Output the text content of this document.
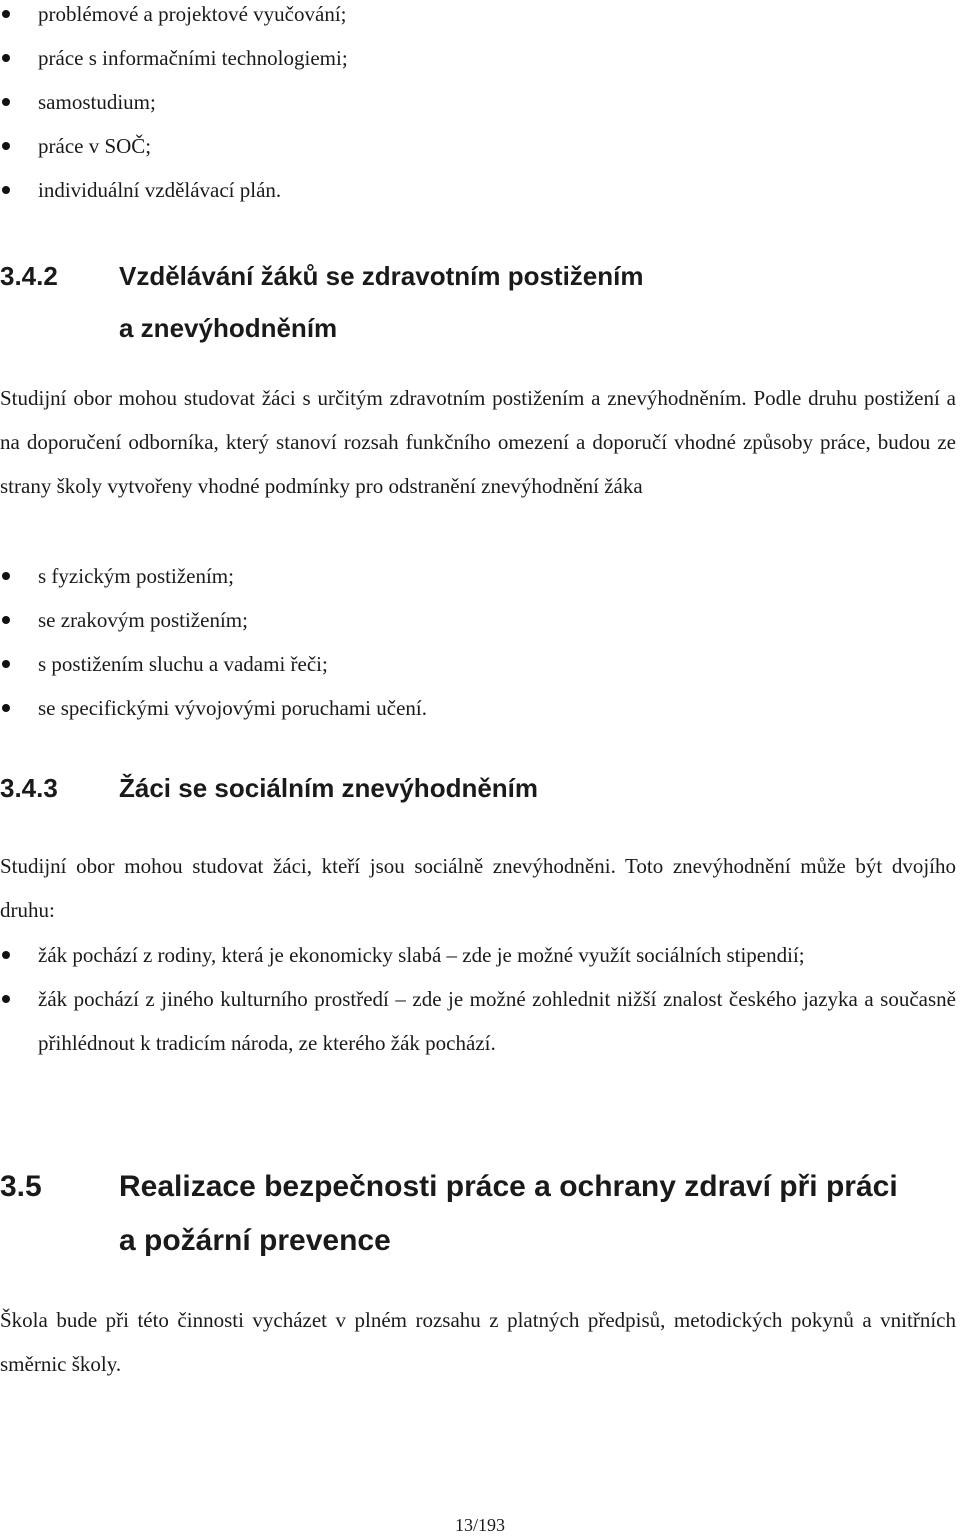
problémové a projektové vyučování;
práce s informačními technologiemi;
samostudium;
práce v SOČ;
individuální vzdělávací plán.
3.4.2	Vzdělávání žáků se zdravotním postižením
a znevýhodněním
Studijní obor mohou studovat žáci s určitým zdravotním postižením a znevýhodněním. Podle druhu postižení a na doporučení odborníka, který stanoví rozsah funkčního omezení a doporučí vhodné způsoby práce, budou ze strany školy vytvořeny vhodné podmínky pro odstranění znevýhodnění žáka
s fyzickým postižením;
se zrakovým postižením;
s postižením sluchu a vadami řeči;
se specifickými vývojovými poruchami učení.
3.4.3	Žáci se sociálním znevýhodněním
Studijní obor mohou studovat žáci, kteří jsou sociálně znevýhodněni. Toto znevýhodnění může být dvojího druhu:
žák pochází z rodiny, která je ekonomicky slabá – zde je možné využít sociálních stipendií;
žák pochází z jiného kulturního prostředí – zde je možné zohlednit nižší znalost českého jazyka a současně přihlédnout k tradicím národa, ze kterého žák pochází.
3.5	Realizace bezpečnosti práce a ochrany zdraví při práci
a požární prevence
Škola bude při této činnosti vycházet v plném rozsahu z platných předpisů, metodických pokynů a vnitřních směrnic školy.
13/193
